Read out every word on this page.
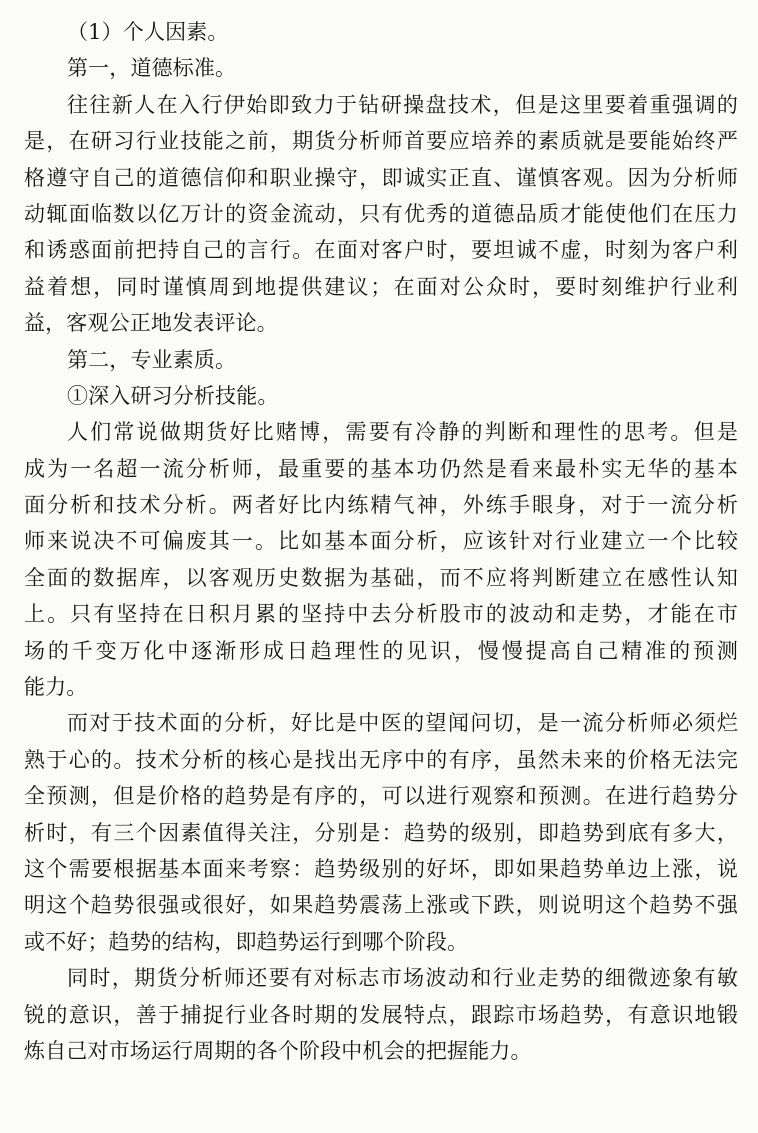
（1）个人因素。
第一，道德标准。
往往新人在入行伊始即致力于钻研操盘技术，但是这里要着重强调的
是，在研习行业技能之前，期货分析师首要应培养的素质就是要能始终严
格遵守自己的道德信仰和职业操守，即诚实正直、谨慎客观。因为分析师
动辄面临数以亿万计的资金流动，只有优秀的道德品质才能使他们在压力
和诱惑面前把持自己的言行。在面对客户时，要坦诚不虚，时刻为客户利
益着想，同时谨慎周到地提供建议；在面对公众时，要时刻维护行业利
益，客观公正地发表评论。
第二，专业素质。
①深入研习分析技能。
人们常说做期货好比赌博，需要有冷静的判断和理性的思考。但是
成为一名超一流分析师，最重要的基本功仍然是看来最朴实无华的基本
面分析和技术分析。两者好比内练精气神，外练手眼身，对于一流分析
师来说决不可偏废其一。比如基本面分析，应该针对行业建立一个比较
全面的数据库，以客观历史数据为基础，而不应将判断建立在感性认知
上。只有坚持在日积月累的坚持中去分析股市的波动和走势，才能在市
场的千变万化中逐渐形成日趋理性的见识，慢慢提高自己精准的预测
能力。
而对于技术面的分析，好比是中医的望闻问切，是一流分析师必须烂
熟于心的。技术分析的核心是找出无序中的有序，虽然未来的价格无法完
全预测，但是价格的趋势是有序的，可以进行观察和预测。在进行趋势分
析时，有三个因素值得关注，分别是：趋势的级别，即趋势到底有多大，
这个需要根据基本面来考察：趋势级别的好坏，即如果趋势单边上涨，说
明这个趋势很强或很好，如果趋势震荡上涨或下跌，则说明这个趋势不强
或不好；趋势的结构，即趋势运行到哪个阶段。
同时，期货分析师还要有对标志市场波动和行业走势的细微迹象有敏
锐的意识，善于捕捉行业各时期的发展特点，跟踪市场趋势，有意识地锻
炼自己对市场运行周期的各个阶段中机会的把握能力。
